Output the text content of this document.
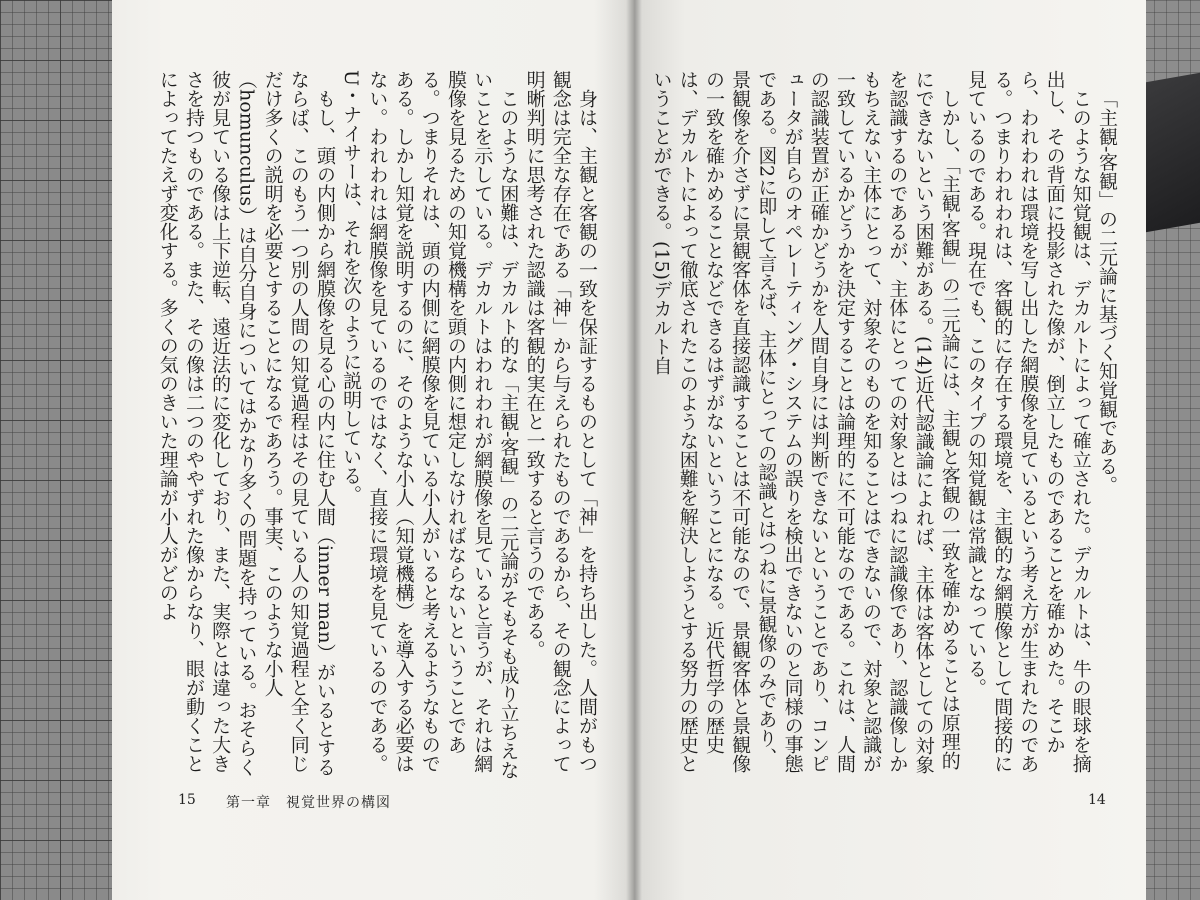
「主観‐客観」の二元論に基づく知覚観である。

このような知覚観は、デカルトによって確立された。デカルトは、牛の眼球を摘出し、その背面に投影された像が、倒立したものであることを確かめた。そこから、われわれは環境を写し出した網膜像を見ているという考え方が生まれたのである。つまりわれわれは、客観的に存在する環境を、主観的な網膜像として間接的に見ているのである。現在でも、このタイプの知覚観は常識となっている。

しかし、「主観‐客観」の二元論には、主観と客観の一致を確かめることは原理的にできないという困難がある。(14)近代認識論によれば、主体は客体としての対象を認識するのであるが、主体にとっての対象とはつねに認識像であり、認識像しかもちえない主体にとって、対象そのものを知ることはできないので、対象と認識が一致しているかどうかを決定することは論理的に不可能なのである。これは、人間の認識装置が正確かどうかを人間自身には判断できないということであり、コンピュータが自らのオペレーティング・システムの誤りを検出できないのと同様の事態である。図2に即して言えば、主体にとっての認識とはつねに景観像のみであり、景観像を介さずに景観客体を直接認識することは不可能なので、景観客体と景観像の一致を確かめることなどできるはずがないということになる。近代哲学の歴史は、デカルトによって徹底されたこのような困難を解決しようとする努力の歴史ということができる。(15)デカルト自

身は、主観と客観の一致を保証するものとして「神」を持ち出した。人間がもつ観念は完全な存在である「神」から与えられたものであるから、その観念によって明晰判明に思考された認識は客観的実在と一致すると言うのである。

このような困難は、デカルト的な「主観‐客観」の二元論がそもそも成り立ちえないことを示している。デカルトはわれわれが網膜像を見ていると言うが、それは網膜像を見るための知覚機構を頭の内側に想定しなければならないということである。つまりそれは、頭の内側に網膜像を見ている小人がいると考えるようなものである。しかし知覚を説明するのに、そのような小人（知覚機構）を導入する必要はない。われわれは網膜像を見ているのではなく、直接に環境を見ているのである。U・ナイサーは、それを次のように説明している。

もし、頭の内側から網膜像を見る心の内に住む人間（inner man）がいるとするならば、このもう一つ別の人間の知覚過程はその見ている人の知覚過程と全く同じだけ多くの説明を必要とすることになるであろう。事実、このような小人（homunculus）は自分自身についてはかなり多くの問題を持っている。おそらく彼が見ている像は上下逆転、遠近法的に変化しており、また、実際とは違った大きさを持つものである。また、その像は二つのややずれた像からなり、眼が動くことによってたえず変化する。多くの気のきいた理論が小人がどのよ

14
15 第一章　視覚世界の構図
